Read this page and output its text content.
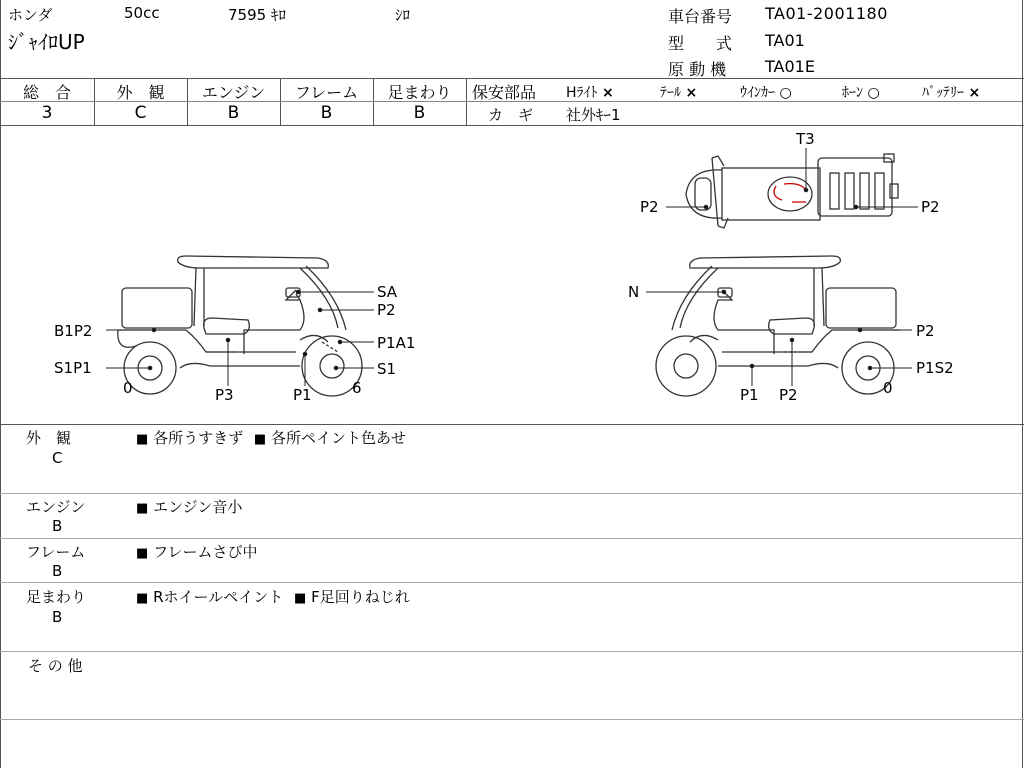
ホンダ	50cc	7595 ｷﾛ	ｼﾛ
ｼﾞｬｲﾛUP
車台番号 TA01-2001180
型　　式 TA01
原 動 機 TA01E
総　合
3
外　観
C
エンジン
B
フレーム
B
足まわり
B
保安部品 Hﾗｲﾄ ×	ﾃｰﾙ ×	ｳｲﾝｶｰ ○	ﾎｰﾝ ○	ﾊﾞｯﾃﾘｰ ×
カ　ギ 社外ｷｰ1
T3
P2	P2
SA
P2
P1A1
S1
B1P2
S1P1
P3	P1
0	6
N
P2
P1S2
P1 P2	0
外　観
C
■ 各所うすきず ■ 各所ペイント色あせ
エンジン
B
■ エンジン音小
フレーム
B
■ フレームさび中
足まわり
B
■ Rホイールペイント ■ F足回りねじれ
そ の 他
